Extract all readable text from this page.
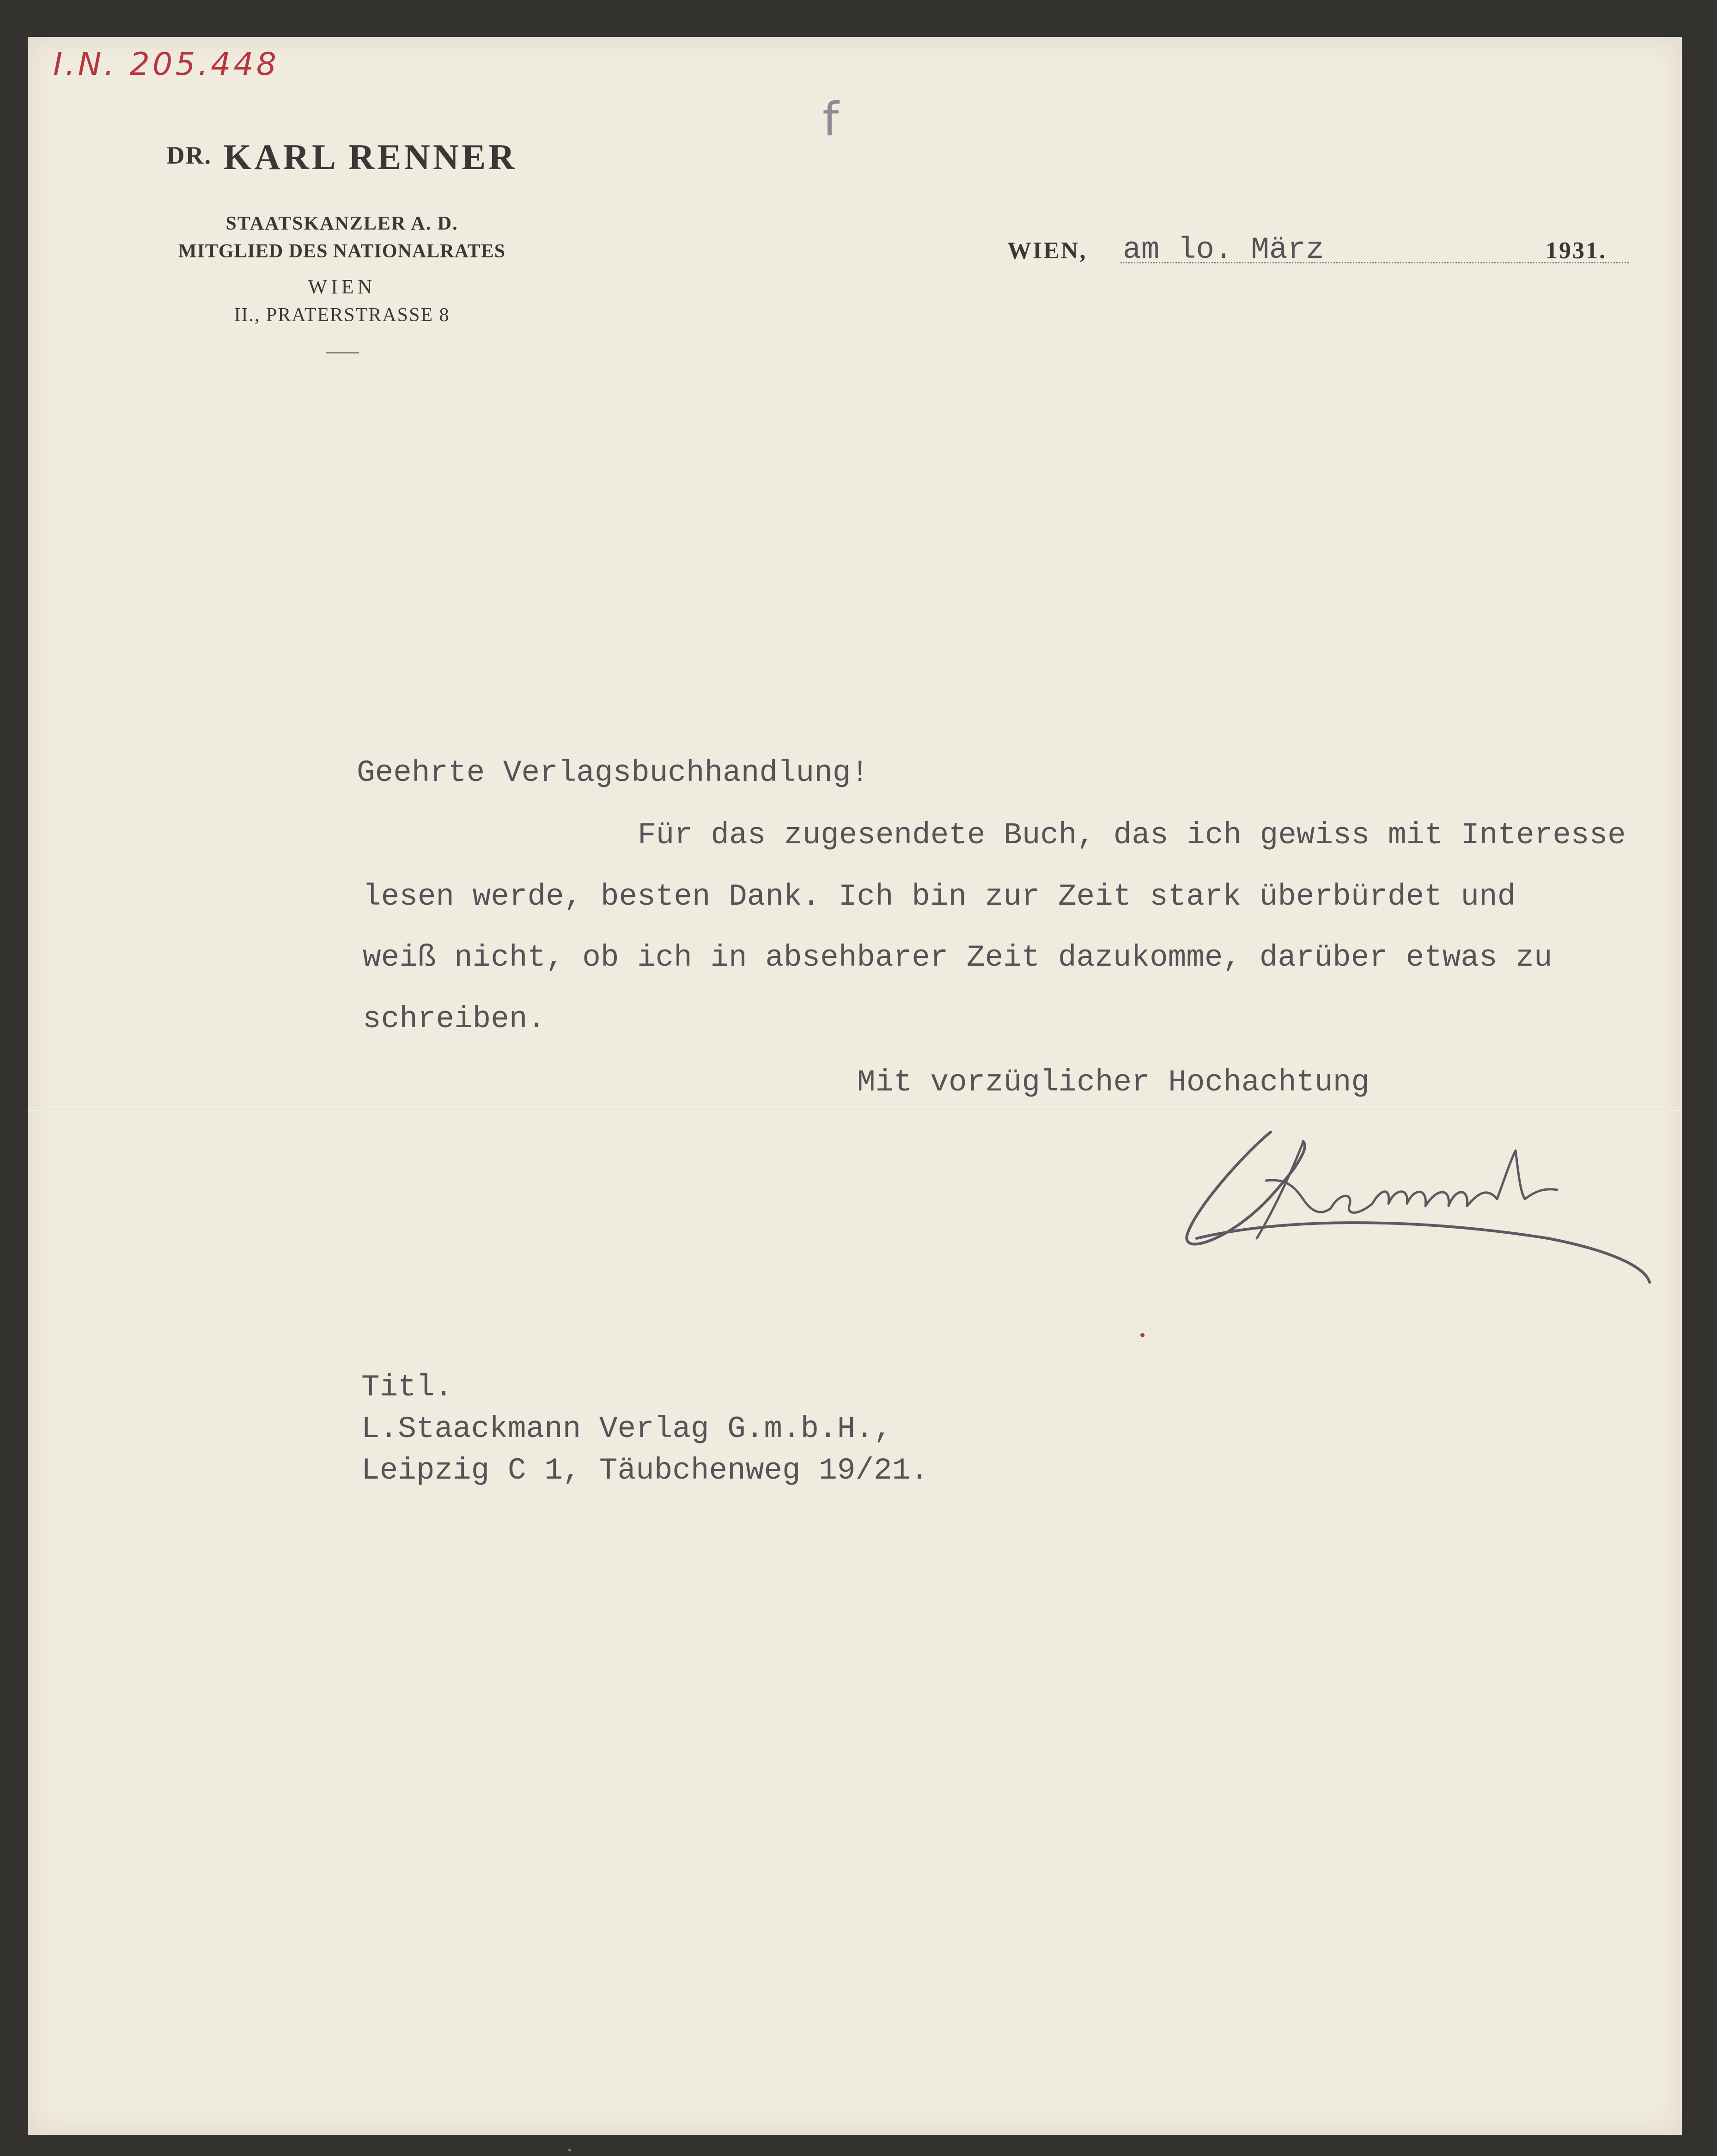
I.N. 205.448
f
DR. KARL RENNER
STAATSKANZLER A. D.
MITGLIED DES NATIONALRATES
WIEN
II., PRATERSTRASSE 8
WIEN, am lo. März	1931.
Geehrte Verlagsbuchhandlung!
Für das zugesendete Buch, das ich gewiss mit Interesse
lesen werde, besten Dank. Ich bin zur Zeit stark überbürdet und
weiß nicht, ob ich in absehbarer Zeit dazukomme, darüber etwas zu
schreiben.
Mit vorzüglicher Hochachtung
Titl.
L.Staackmann Verlag G.m.b.H.,
Leipzig C 1, Täubchenweg 19/21.
